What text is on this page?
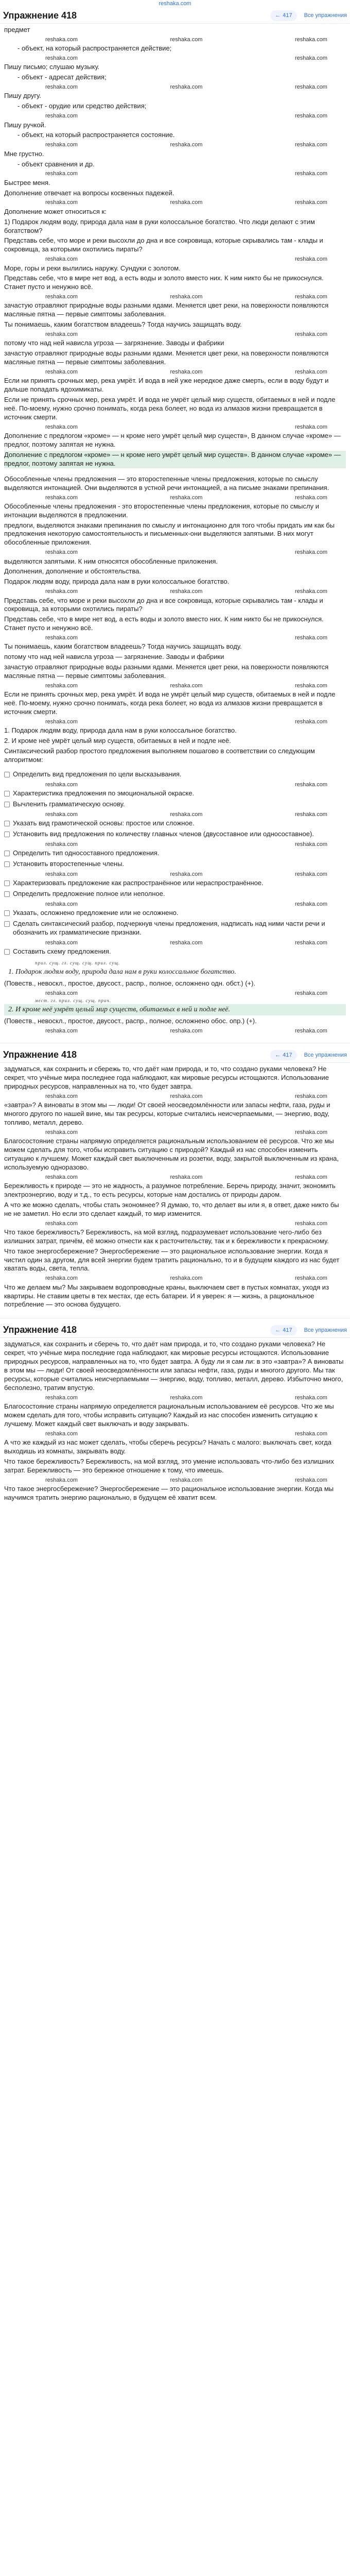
reshaka.com
Упражнение 418	← 417 Все упражнения

предмет

reshaka.com	reshaka.com	reshaka.com

- объект, на который распространяется действие;

reshaka.com	reshaka.com

Пишу письмо; слушаю музыку.

- объект - адресат действия;

reshaka.com	reshaka.com	reshaka.com

Пишу другу.

- объект - орудие или средство действия;

reshaka.com	reshaka.com

Пишу ручкой.

- объект, на который распространяется состояние.

reshaka.com	reshaka.com	reshaka.com

Мне грустно.

- объект сравнения и др.

reshaka.com	reshaka.com

Быстрее меня.

Дополнение отвечает на вопросы косвенных падежей.

reshaka.com	reshaka.com	reshaka.com

Дополнение может относиться к:

1) Подарок людям воду, природа дала нам в руки колоссальное богатство. Что люди делают с этим богатством?

Представь себе, что море и реки высохли до дна и все сокровища, которые скрывались там - клады и сокровища, за которыми охотились пираты?

reshaka.com	reshaka.com

Море, горы и реки вылились наружу. Сундуки с золотом.

Представь себе, что в мире нет вод, а есть воды и золото вместо них. К ним никто бы не прикоснулся. Станет пусто и ненужно всё.

reshaka.com	reshaka.com	reshaka.com

зачастую отравляют природные воды разными ядами. Меняется цвет реки, на поверхности появляются масляные пятна — первые симптомы заболевания.

Ты понимаешь, каким богатством владеешь? Тогда научись защищать воду.

reshaka.com	reshaka.com

потому что над ней нависла угроза — загрязнение. Заводы и фабрики

зачастую отравляют природные воды разными ядами. Меняется цвет реки, на поверхности появляются масляные пятна — первые симптомы заболевания.

reshaka.com	reshaka.com	reshaka.com

Если ни принять срочных мер, река умрёт. И вода в ней уже нередкое даже смерть, если в воду будут и дальше попадать ядохимикаты.

Если не принять срочных мер, река умрёт. И вода не умрёт целый мир существ, обитаемых в ней и подле неё. По-моему, нужно срочно понимать, когда река болеет, но вода из алмазов жизни превращается в источник смерти.

reshaka.com	reshaka.com

Дополнение с предлогом «кроме» — н кроме него умрёт целый мир существ», В данном случае «кроме» — предлог, поэтому запятая не нужна.

Дополнение с предлогом «кроме» — н кроме него умрёт целый мир существ». В данном случае «кроме» — предлог, поэтому запятая не нужна.

Обособленные члены предложения — это второстепенные члены предложения, которые по смыслу выделяются интонацией. Они выделяются в устной речи интонацией, а на письме знаками препинания.

reshaka.com	reshaka.com	reshaka.com

Обособленные члены предложения - это второстепенные члены предложения, которые по смыслу и интонации выделяются в предложении.

предлоги, выделяются знаками препинания по смыслу и интонационно для того чтобы придать им как бы предложения некоторую самостоятельность и письменных-они выделяются запятыми. В них могут обособленные приложения.

reshaka.com	reshaka.com

выделяются запятыми. К ним относятся обособленные приложения.

Дополнения, дополнение и обстоятельства.

Подарок людям воду, природа дала нам в руки колоссальное богатство.

reshaka.com	reshaka.com	reshaka.com

Представь себе, что море и реки высохли до дна и все сокровища, которые скрывались там - клады и сокровища, за которыми охотились пираты?

Представь себе, что в мире нет вод, а есть воды и золото вместо них. К ним никто бы не прикоснулся. Станет пусто и ненужно всё.

reshaka.com	reshaka.com

Ты понимаешь, каким богатством владеешь? Тогда научись защищать воду.

потому что над ней нависла угроза — загрязнение. Заводы и фабрики

зачастую отравляют природные воды разными ядами. Меняется цвет реки, на поверхности появляются масляные пятна — первые симптомы заболевания.

reshaka.com	reshaka.com	reshaka.com

Если не принять срочных мер, река умрёт. И вода не умрёт целый мир существ, обитаемых в ней и подле неё. По-моему, нужно срочно понимать, когда река болеет, но вода из алмазов жизни превращается в источник смерти.

reshaka.com	reshaka.com

1. Подарок людям воду, природа дала нам в руки колоссальное богатство.

2. И кроме неё умрёт целый мир существ, обитаемых в ней и подле неё.

Синтаксический разбор простого предложения выполняем пошагово в соответствии со следующим алгоритмом:

Определить вид предложения по цели высказывания.
reshaka.com	reshaka.com
Характеристика предложения по эмоциональной окраске.
Вычленить грамматическую основу.
reshaka.com	reshaka.com	reshaka.com
Указать вид грамотической основы: простое или сложное.
Установить вид предложения по количеству главных членов (двусоставное или односоставное).
reshaka.com	reshaka.com
Определить тип односоставного предложения.
Установить второстепенные члены.
reshaka.com	reshaka.com	reshaka.com
Характеризовать предложение как распространённое или нераспространённое.
Определить предложение полное или неполное.
reshaka.com	reshaka.com
Указать, осложнено предложение или не осложнено.
Сделать синтаксический разбор, подчеркнув члены предложения, надписать над ними части речи и обозначить их грамматические признаки.
reshaka.com	reshaka.com	reshaka.com
Составить схему предложения.
прил. сущ. гл. сущ. сущ. прил. сущ.

1. Подарок людям воду, природа дала нам в руки колоссальное богатство.

(Повеств., невоскл., простое, двусост., распр., полное, осложнено одн. обст.) (+).

reshaka.com	reshaka.com
мест. гл. прил. сущ. сущ. прич.

2. И кроме неё умрёт целый мир существ, обитаемых в ней и подле неё.

(Повеств., невоскл., простое, двусост., распр., полное, осложнено обос. опр.) (+).

reshaka.com	reshaka.com	reshaka.com
Упражнение 418	← 417 Все упражнения

задуматься, как сохранить и сбережь то, что даёт нам природа, и то, что создано руками человека? Не секрет, что учёные мира последнее года наблюдают, как мировые ресурсы истощаются. Использование природных ресурсов, направленных на то, что будет завтра.

reshaka.com	reshaka.com	reshaka.com

«завтра»? А виноваты в этом мы — люди! От своей неосведомлённости или запасы нефти, газа, руды и многого другого по нашей вине, мы так ресурсы, которые считались неисчерпаемыми, — энергию, воду, топливо, металл, дерево.

reshaka.com	reshaka.com

Благосостояние страны напрямую определяется рациональным использованием её ресурсов. Что же мы можем сделать для того, чтобы исправить ситуацию с природой? Каждый из нас способен изменить ситуацию к лучшему. Может каждый свет выключенным из розетки, воду, закрытой выключенным из крана, используемую одноразово.

reshaka.com	reshaka.com	reshaka.com

Бережливость к природе — это не жадность, а разумное потребление. Беречь природу, значит, экономить электроэнергию, воду и т.д., то есть ресурсы, которые нам достались от природы даром.

А что же можно сделать, чтобы стать экономнее? Я думаю, то, что делает вы или я, в ответ, даже никто бы не не заметил. Но если это сделает каждый, то мир изменится.

reshaka.com	reshaka.com

Что такое бережливость? Бережливость, на мой взгляд, подразумевает использование чего-либо без излишних затрат, причём, её можно отнести как к расточительству, так и к бережливости к прекрасному.

Что такое энергосбережение? Энергосбережение — это рациональное использование энергии. Когда я чистил один за другом, для всей энергии будем тратить рационально, то и в будущем каждого из нас будет хватать воды, света, тепла.

reshaka.com	reshaka.com	reshaka.com

Что же делаем мы? Мы закрываем водопроводные краны, выключаем свет в пустых комнатах, уходя из квартиры. Не ставим цветы в тех местах, где есть батареи. И я уверен: я — жизнь, а рациональное потребление — это основа будущего.

Упражнение 418	← 417 Все упражнения

задуматься, как сохранить и сберечь то, что даёт нам природа, и то, что создано руками человека? Не секрет, что учёные мира последние года наблюдают, как мировые ресурсы истощаются. Использование природных ресурсов, направленных на то, что будет завтра. А буду ли я сам ли: в это «завтра»? А виноваты в этом мы — люди! От своей неосведомлённости или запасы нефти, газа, руды и многого другого. Мы так ресурсы, которые считались неисчерпаемыми — энергию, воду, топливо, металл, дерево. Избыточно много, бесполезно, тратим впустую.

reshaka.com	reshaka.com	reshaka.com

Благосостояние страны напрямую определяется рациональным использованием её ресурсов. Что же мы можем сделать для того, чтобы исправить ситуацию? Каждый из нас способен изменить ситуацию к лучшему. Может каждый свет выключать и воду закрывать.

reshaka.com	reshaka.com

А что же каждый из нас может сделать, чтобы сберечь ресурсы? Начать с малого: выключать свет, когда выходишь из комнаты, закрывать воду.

Что такое бережливость? Бережливость, на мой взгляд, это умение использовать что-либо без излишних затрат. Бережливость — это бережное отношение к тому, что имеешь.

reshaka.com	reshaka.com	reshaka.com

Что такое энергосбережение? Энергосбережение — это рациональное использование энергии. Когда мы научимся тратить энергию рационально, в будущем её хватит всем.
